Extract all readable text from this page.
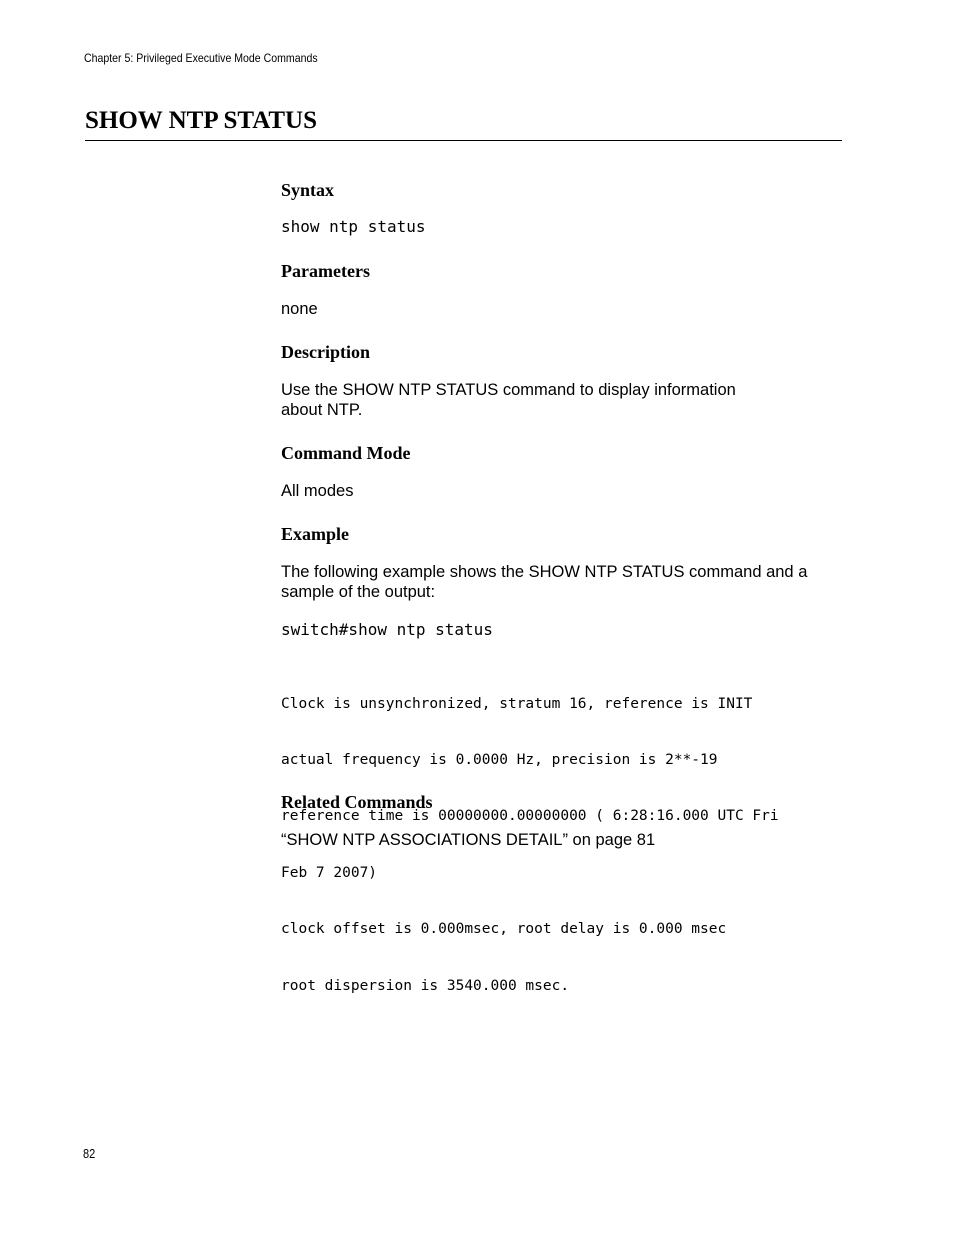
Chapter 5: Privileged Executive Mode Commands
SHOW NTP STATUS
Syntax
show ntp status
Parameters

none

Description
Use the SHOW NTP STATUS command to display information
about NTP.
Command Mode

All modes

Example
The following example shows the SHOW NTP STATUS command and a
sample of the output:
switch#show ntp status

Clock is unsynchronized, stratum 16, reference is INIT

actual frequency is 0.0000 Hz, precision is 2**-19

reference time is 00000000.00000000 ( 6:28:16.000 UTC Fri

Feb 7 2007)

clock offset is 0.000msec, root delay is 0.000 msec

root dispersion is 3540.000 msec.

Related Commands

“SHOW NTP ASSOCIATIONS DETAIL” on page 81

82
